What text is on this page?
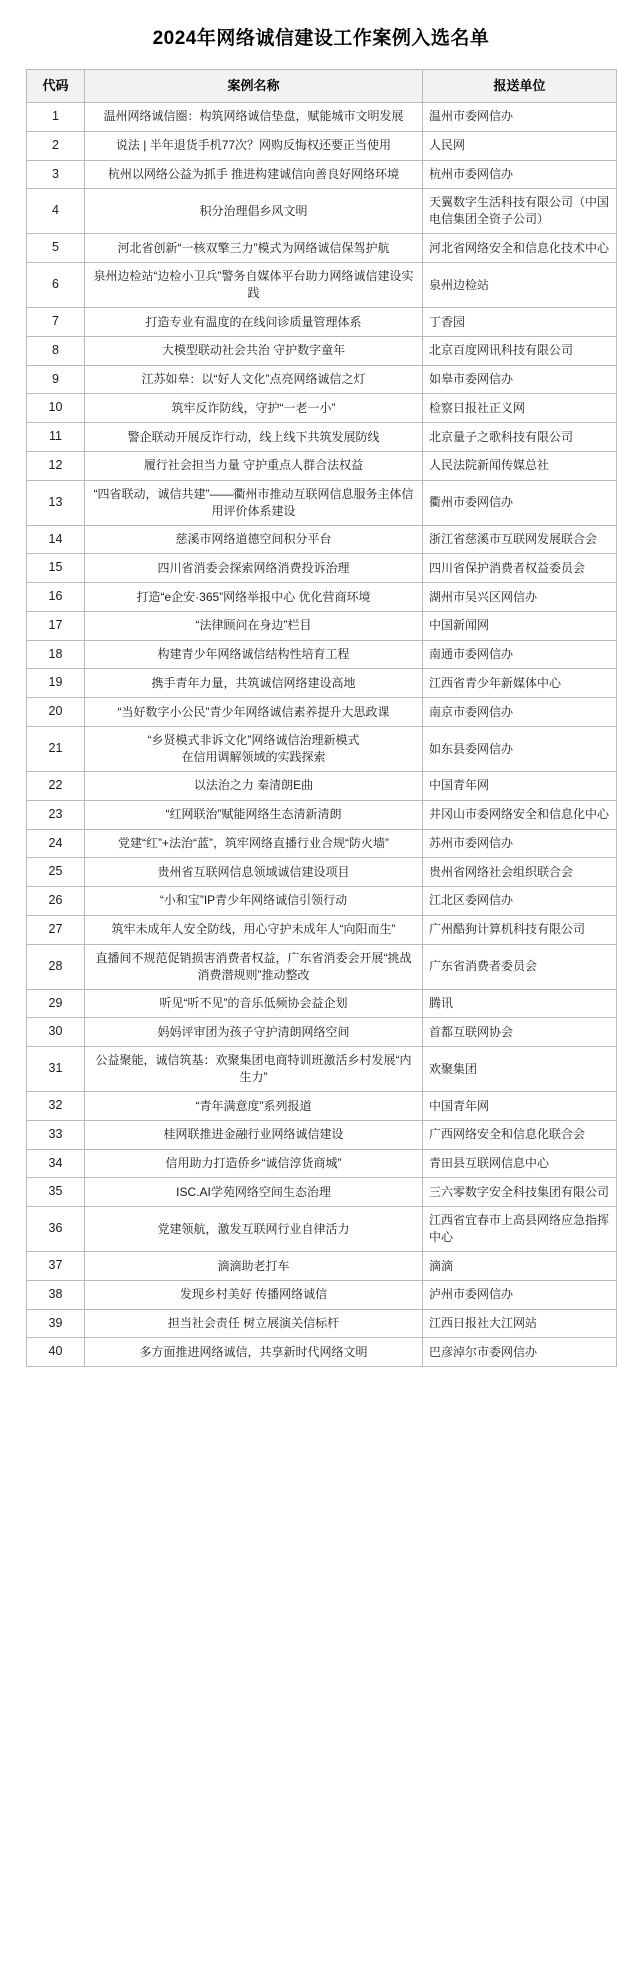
2024年网络诚信建设工作案例入选名单
代码	案例名称	报送单位
1	温州网络诚信圈：构筑网络诚信垫盘，赋能城市文明发展	温州市委网信办
2	说法 | 半年退货手机77次？网购反悔权还要正当使用	人民网
3	杭州以网络公益为抓手 推进构建诚信向善良好网络环境	杭州市委网信办
4	积分治理倡乡风文明	天翼数字生活科技有限公司（中国电信集团全资子公司）
5	河北省创新“一核双擎三力”模式为网络诚信保驾护航	河北省网络安全和信息化技术中心
6	泉州边检站“边检小卫兵”警务自媒体平台助力网络诚信建设实践	泉州边检站
7	打造专业有温度的在线问诊质量管理体系	丁香园
8	大模型联动社会共治 守护数字童年	北京百度网讯科技有限公司
9	江苏如皋：以“好人文化”点亮网络诚信之灯	如皋市委网信办
10	筑牢反诈防线，守护“一老一小”	检察日报社正义网
11	警企联动开展反诈行动，线上线下共筑发展防线	北京量子之歌科技有限公司
12	履行社会担当力量 守护重点人群合法权益	人民法院新闻传媒总社
13	“四省联动，诚信共建”——衢州市推动互联网信息服务主体信用评价体系建设	衢州市委网信办
14	慈溪市网络道德空间积分平台	浙江省慈溪市互联网发展联合会
15	四川省消委会探索网络消费投诉治理	四川省保护消费者权益委员会
16	打造“e企安·365”网络举报中心 优化营商环境	湖州市吴兴区网信办
17	“法律顾问在身边”栏目	中国新闻网
18	构建青少年网络诚信结构性培育工程	南通市委网信办
19	携手青年力量，共筑诚信网络建设高地	江西省青少年新媒体中心
20	“当好数字小公民”青少年网络诚信素养提升大思政课	南京市委网信办
21	“乡贤模式非诉文化”网络诚信治理新模式
在信用调解领域的实践探索	如东县委网信办
22	以法治之力 秦清朗E曲	中国青年网
23	“红网联治”赋能网络生态清新清朗	井冈山市委网络安全和信息化中心
24	党建“红”+法治“蓝”，筑牢网络直播行业合规“防火墙”	苏州市委网信办
25	贵州省互联网信息领域诚信建设项目	贵州省网络社会组织联合会
26	“小和宝”IP青少年网络诚信引领行动	江北区委网信办
27	筑牢未成年人安全防线，用心守护未成年人“向阳而生”	广州酷狗计算机科技有限公司
28	直播间不规范促销损害消费者权益，广东省消委会开展“挑战消费潜规则”推动整改	广东省消费者委员会
29	听见“听不见”的音乐低频协会益企划	腾讯
30	妈妈评审团为孩子守护清朗网络空间	首都互联网协会
31	公益聚能，诚信筑基：欢聚集团电商特训班激活乡村发展“内生力”	欢聚集团
32	“青年满意度”系列报道	中国青年网
33	桂网联推进金融行业网络诚信建设	广西网络安全和信息化联合会
34	信用助力打造侨乡“诚信淳货商城”	青田县互联网信息中心
35	ISC.AI学苑网络空间生态治理	三六零数字安全科技集团有限公司
36	党建领航，激发互联网行业自律活力	江西省宜春市上高县网络应急指挥中心
37	滴滴助老打车	滴滴
38	发现乡村美好 传播网络诚信	泸州市委网信办
39	担当社会责任 树立展演关信标杆	江西日报社大江网站
40	多方面推进网络诚信，共享新时代网络文明	巴彦淖尔市委网信办
